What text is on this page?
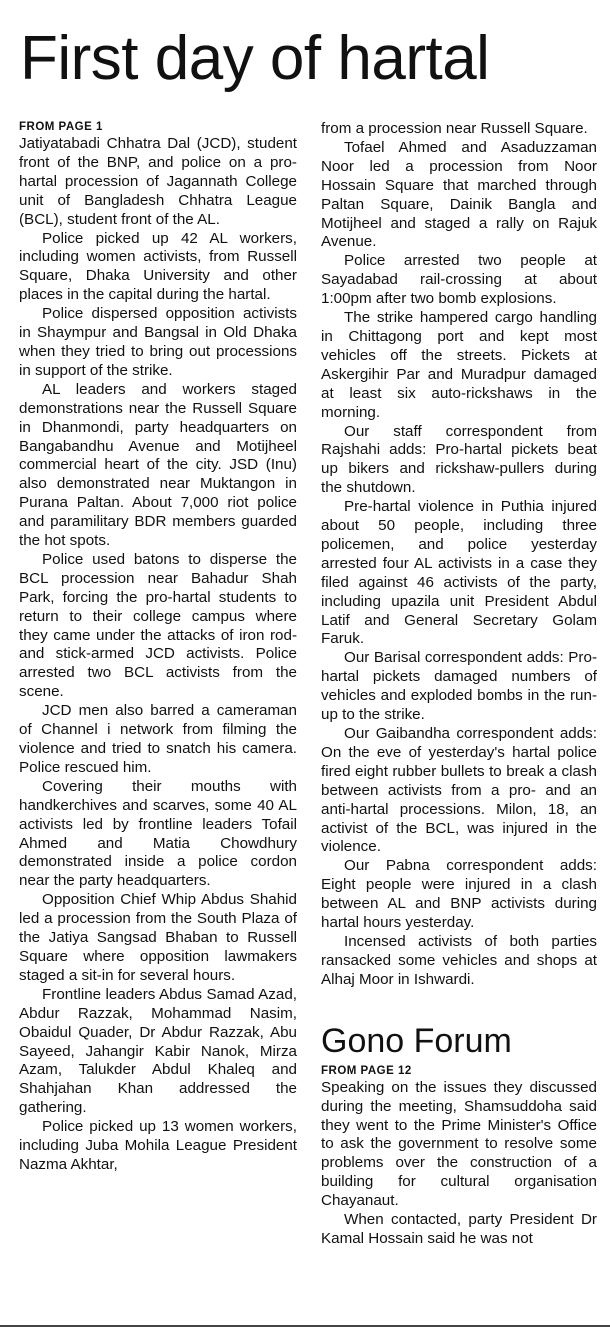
First day of hartal
FROM PAGE 1

Jatiyatabadi Chhatra Dal (JCD), student front of the BNP, and police on a pro-hartal procession of Jagannath College unit of Bangladesh Chhatra League (BCL), student front of the AL.

Police picked up 42 AL workers, including women activists, from Russell Square, Dhaka University and other places in the capital during the hartal.

Police dispersed opposition activists in Shaympur and Bangsal in Old Dhaka when they tried to bring out processions in support of the strike.

AL leaders and workers staged demonstrations near the Russell Square in Dhanmondi, party headquarters on Bangabandhu Avenue and Motijheel commercial heart of the city. JSD (Inu) also demonstrated near Muktangon in Purana Paltan. About 7,000 riot police and paramilitary BDR members guarded the hot spots.

Police used batons to disperse the BCL procession near Bahadur Shah Park, forcing the pro-hartal students to return to their college campus where they came under the attacks of iron rod-and stick-armed JCD activists. Police arrested two BCL activists from the scene.

JCD men also barred a cameraman of Channel i network from filming the violence and tried to snatch his camera. Police rescued him.

Covering their mouths with handkerchives and scarves, some 40 AL activists led by frontline leaders Tofail Ahmed and Matia Chowdhury demonstrated inside a police cordon near the party headquarters.

Opposition Chief Whip Abdus Shahid led a procession from the South Plaza of the Jatiya Sangsad Bhaban to Russell Square where opposition lawmakers staged a sit-in for several hours.

Frontline leaders Abdus Samad Azad, Abdur Razzak, Mohammad Nasim, Obaidul Quader, Dr Abdur Razzak, Abu Sayeed, Jahangir Kabir Nanok, Mirza Azam, Talukder Abdul Khaleq and Shahjahan Khan addressed the gathering.

Police picked up 13 women workers, including Juba Mohila League President Nazma Akhtar,

from a procession near Russell Square.

Tofael Ahmed and Asaduzzaman Noor led a procession from Noor Hossain Square that marched through Paltan Square, Dainik Bangla and Motijheel and staged a rally on Rajuk Avenue.

Police arrested two people at Sayadabad rail-crossing at about 1:00pm after two bomb explosions.

The strike hampered cargo handling in Chittagong port and kept most vehicles off the streets. Pickets at Askergihir Par and Muradpur damaged at least six auto-rickshaws in the morning.

Our staff correspondent from Rajshahi adds: Pro-hartal pickets beat up bikers and rickshaw-pullers during the shutdown.

Pre-hartal violence in Puthia injured about 50 people, including three policemen, and police yesterday arrested four AL activists in a case they filed against 46 activists of the party, including upazila unit President Abdul Latif and General Secretary Golam Faruk.

Our Barisal correspondent adds: Pro-hartal pickets damaged numbers of vehicles and exploded bombs in the run-up to the strike.

Our Gaibandha correspondent adds: On the eve of yesterday's hartal police fired eight rubber bullets to break a clash between activists from a pro- and an anti-hartal processions. Milon, 18, an activist of the BCL, was injured in the violence.

Our Pabna correspondent adds: Eight people were injured in a clash between AL and BNP activists during hartal hours yesterday.

Incensed activists of both parties ransacked some vehicles and shops at Alhaj Moor in Ishwardi.

Gono Forum
FROM PAGE 12

Speaking on the issues they discussed during the meeting, Shamsuddoha said they went to the Prime Minister's Office to ask the government to resolve some problems over the construction of a building for cultural organisation Chayanaut.

When contacted, party President Dr Kamal Hossain said he was not
